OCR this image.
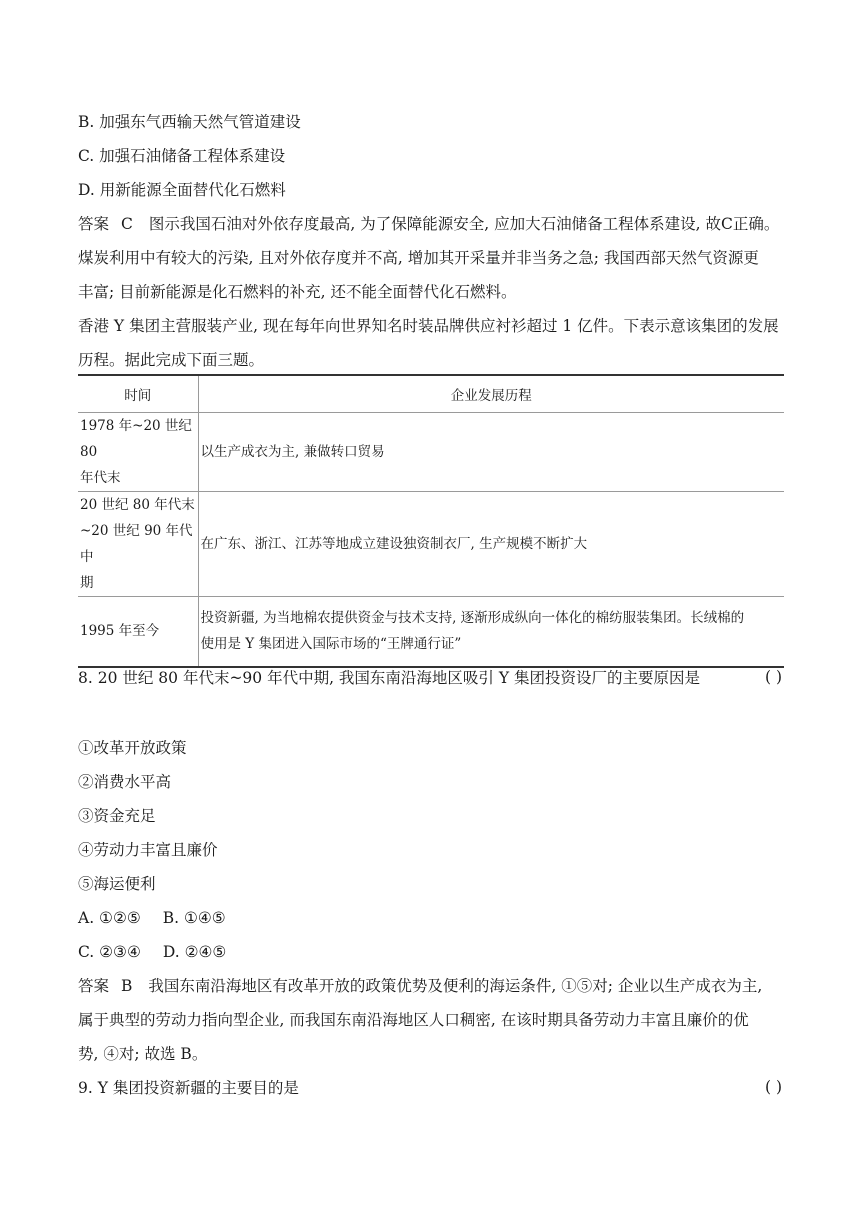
B. 加强东气西输天然气管道建设
C. 加强石油储备工程体系建设
D. 用新能源全面替代化石燃料
答案 C 图示我国石油对外依存度最高, 为了保障能源安全, 应加大石油储备工程体系建设, 故C正确。
煤炭利用中有较大的污染, 且对外依存度并不高, 增加其开采量并非当务之急; 我国西部天然气资源更
丰富; 目前新能源是化石燃料的补充, 还不能全面替代化石燃料。
香港 Y 集团主营服装产业, 现在每年向世界知名时装品牌供应衬衫超过 1 亿件。下表示意该集团的发展
历程。据此完成下面三题。
时间	企业发展历程

1978 年~20 世纪 80
年代末	以生产成衣为主, 兼做转口贸易

20 世纪 80 年代末
~20 世纪 90 年代中
期	在广东、浙江、江苏等地成立建设独资制衣厂, 生产规模不断扩大

1995 年至今	投资新疆, 为当地棉农提供资金与技术支持, 逐渐形成纵向一体化的棉纺服装集团。长绒棉的
使用是 Y 集团进入国际市场的“王牌通行证”
8. 20 世纪 80 年代末~90 年代中期, 我国东南沿海地区吸引 Y 集团投资设厂的主要原因是	( )
①改革开放政策
②消费水平高
③资金充足
④劳动力丰富且廉价
⑤海运便利
A. ①②⑤ B. ①④⑤
C. ②③④ D. ②④⑤
答案 B 我国东南沿海地区有改革开放的政策优势及便利的海运条件, ①⑤对; 企业以生产成衣为主,
属于典型的劳动力指向型企业, 而我国东南沿海地区人口稠密, 在该时期具备劳动力丰富且廉价的优
势, ④对; 故选 B。
9. Y 集团投资新疆的主要目的是	( )
